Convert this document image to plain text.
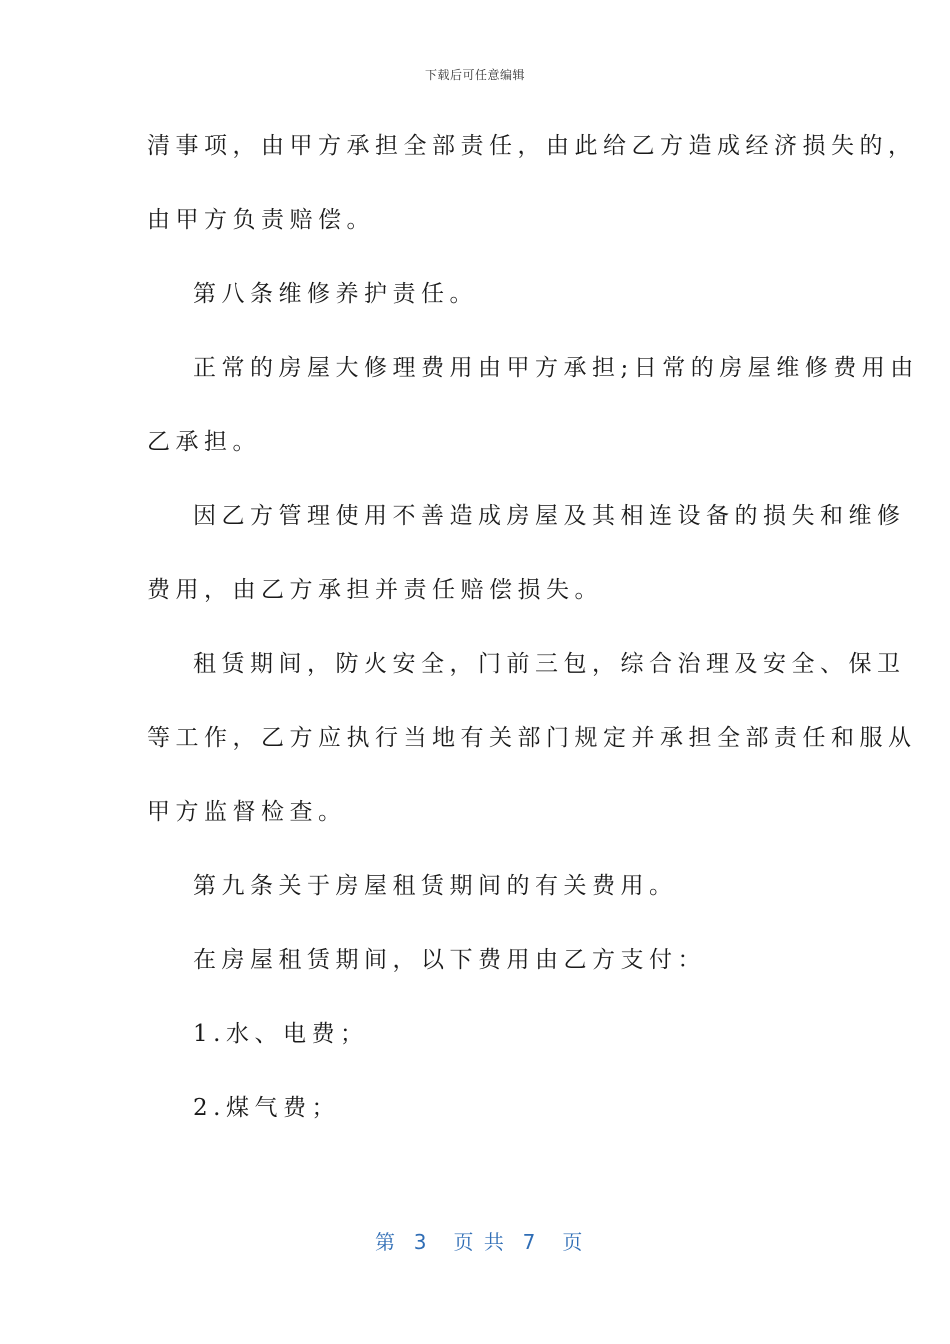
下载后可任意编辑
清事项，由甲方承担全部责任，由此给乙方造成经济损失的，
由甲方负责赔偿。
第八条维修养护责任。
正常的房屋大修理费用由甲方承担;日常的房屋维修费用由
乙承担。
因乙方管理使用不善造成房屋及其相连设备的损失和维修
费用，由乙方承担并责任赔偿损失。
租赁期间，防火安全，门前三包，综合治理及安全、保卫
等工作，乙方应执行当地有关部门规定并承担全部责任和服从
甲方监督检查。
第九条关于房屋租赁期间的有关费用。
在房屋租赁期间，以下费用由乙方支付：
1.水、电费；
2.煤气费；
第  3   页 共  7   页
